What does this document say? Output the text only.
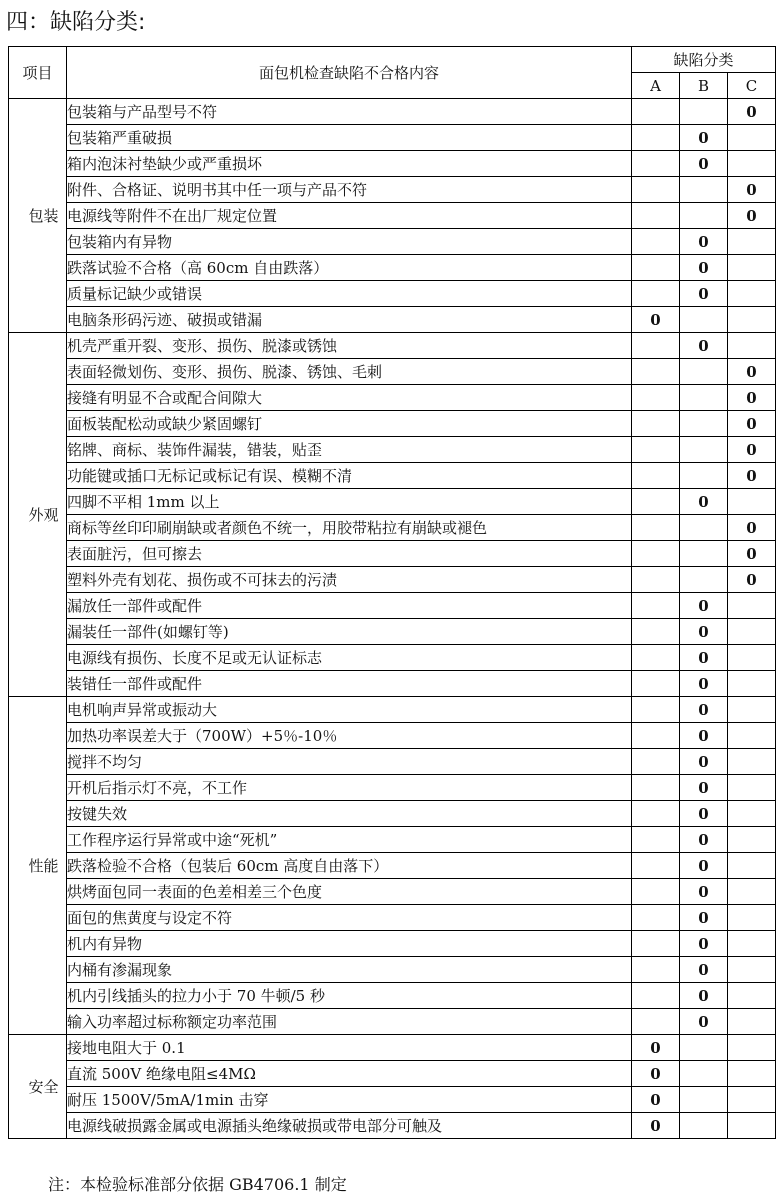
四：缺陷分类:
项目	面包机检查缺陷不合格内容	缺陷分类		
		A	B	C
包装	包装箱与产品型号不符			0
	包装箱严重破损		0	
	箱内泡沫衬垫缺少或严重损坏		0	
	附件、合格证、说明书其中任一项与产品不符			0
	电源线等附件不在出厂规定位置			0
	包装箱内有异物		0	
	跌落试验不合格（高 60cm 自由跌落）		0	
	质量标记缺少或错误		0	
	电脑条形码污迹、破损或错漏	0		
外观	机壳严重开裂、变形、损伤、脱漆或锈蚀		0	
	表面轻微划伤、变形、损伤、脱漆、锈蚀、毛刺			0
	接缝有明显不合或配合间隙大			0
	面板装配松动或缺少紧固螺钉			0
	铭牌、商标、装饰件漏装，错装，贴歪			0
	功能键或插口无标记或标记有误、模糊不清			0
	四脚不平相 1mm 以上		0	
	商标等丝印印刷崩缺或者颜色不统一，用胶带粘拉有崩缺或褪色			0
	表面脏污，但可擦去			0
	塑料外壳有划花、损伤或不可抹去的污渍			0
	漏放任一部件或配件		0	
	漏装任一部件(如螺钉等)		0	
	电源线有损伤、长度不足或无认证标志		0	
	装错任一部件或配件		0	
性能	电机响声异常或振动大		0	
	加热功率误差大于（700W）+5％-10％		0	
	搅拌不均匀		0	
	开机后指示灯不亮，不工作		0	
	按键失效		0	
	工作程序运行异常或中途“死机”		0	
	跌落检验不合格（包装后 60cm 高度自由落下）		0	
	烘烤面包同一表面的色差相差三个色度		0	
	面包的焦黄度与设定不符		0	
	机内有异物		0	
	内桶有渗漏现象		0	
	机内引线插头的拉力小于 70 牛顿/5 秒		0	
	输入功率超过标称额定功率范围		0	
安全	接地电阻大于 0.1	0		
	直流 500V 绝缘电阻≤4MΩ	0		
	耐压 1500V/5mA/1min 击穿	0		
	电源线破损露金属或电源插头绝缘破损或带电部分可触及	0		
注：本检验标准部分依据 GB4706.1 制定
